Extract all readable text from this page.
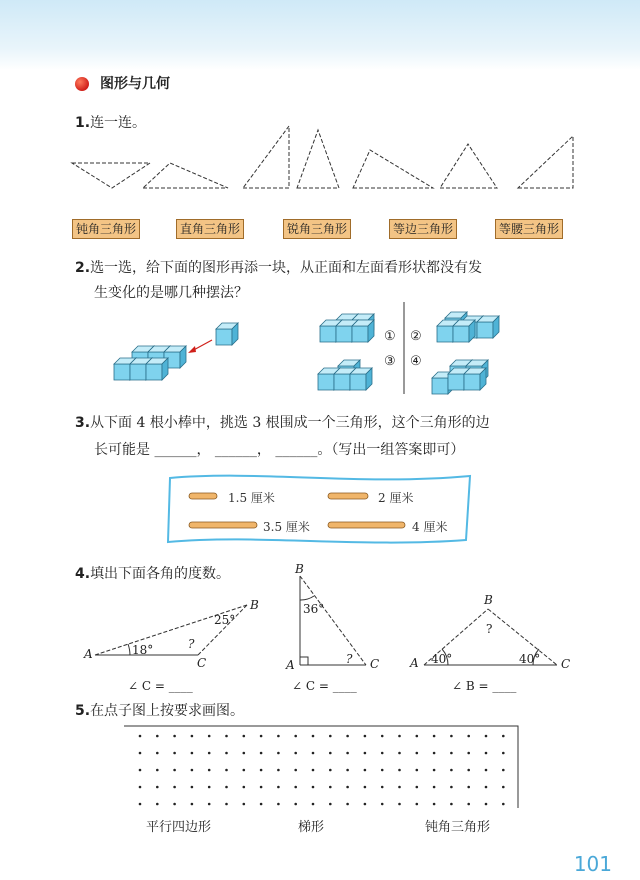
图形与几何
1.连一连。
钝角三角形	直角三角形	锐角三角形	等边三角形	等腰三角形
2.选一选，给下面的图形再添一块，从正面和左面看形状都没有发
生变化的是哪几种摆法？
① ②
③ ④
3.从下面 4 根小棒中，挑选 3 根围成一个三角形，这个三角形的边
长可能是 ______， ______， ______。（写出一组答案即可）
1.5 厘米	2 厘米
3.5 厘米	4 厘米
4.填出下面各角的度数。
A
C
B
18°
25°
?
∠ C = ____
B
A	C
36°
?
∠ C = ____
B
A	C
40°	40°
?
∠ B = ____
5.在点子图上按要求画图。
平行四边形	梯形	钝角三角形
101
